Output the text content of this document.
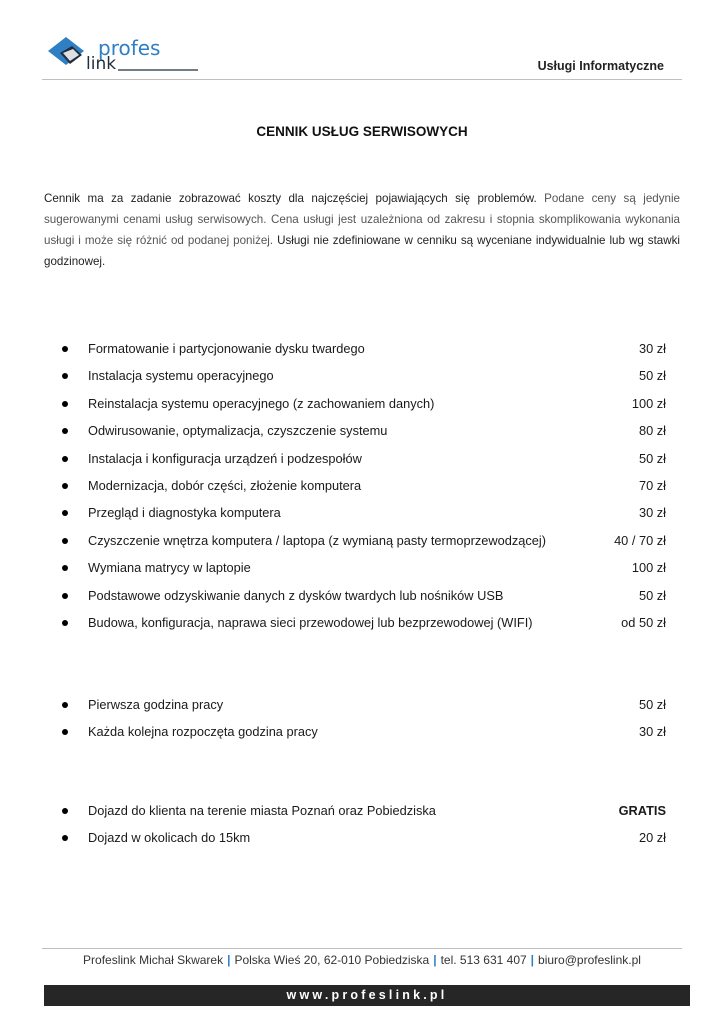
profes
link	Usługi Informatyczne
CENNIK USŁUG SERWISOWYCH

Cennik ma za zadanie zobrazować koszty dla najczęściej pojawiających się problemów. Podane ceny są jedynie sugerowanymi cenami usług serwisowych. Cena usługi jest uzależniona od zakresu i stopnia skomplikowania wykonania usługi i może się różnić od podanej poniżej. Usługi nie zdefiniowane w cenniku są wyceniane indywidualnie lub wg stawki godzinowej.

Formatowanie i partycjonowanie dysku twardego	30 zł
Instalacja systemu operacyjnego	50 zł
Reinstalacja systemu operacyjnego (z zachowaniem danych)	100 zł
Odwirusowanie, optymalizacja, czyszczenie systemu	80 zł
Instalacja i konfiguracja urządzeń i podzespołów	50 zł
Modernizacja, dobór części, złożenie komputera	70 zł
Przegląd i diagnostyka komputera	30 zł
Czyszczenie wnętrza komputera / laptopa (z wymianą pasty termoprzewodzącej)	40 / 70 zł
Wymiana matrycy w laptopie	100 zł
Podstawowe odzyskiwanie danych z dysków twardych lub nośników USB	50 zł
Budowa, konfiguracja, naprawa sieci przewodowej lub bezprzewodowej (WIFI)	od 50 zł
Pierwsza godzina pracy	50 zł
Każda kolejna rozpoczęta godzina pracy	30 zł
Dojazd do klienta na terenie miasta Poznań oraz Pobiedziska	GRATIS
Dojazd w okolicach do 15km	20 zł
Profeslink Michał Skwarek | Polska Wieś 20, 62-010 Pobiedziska | tel. 513 631 407 | biuro@profeslink.pl
www.profeslink.pl
